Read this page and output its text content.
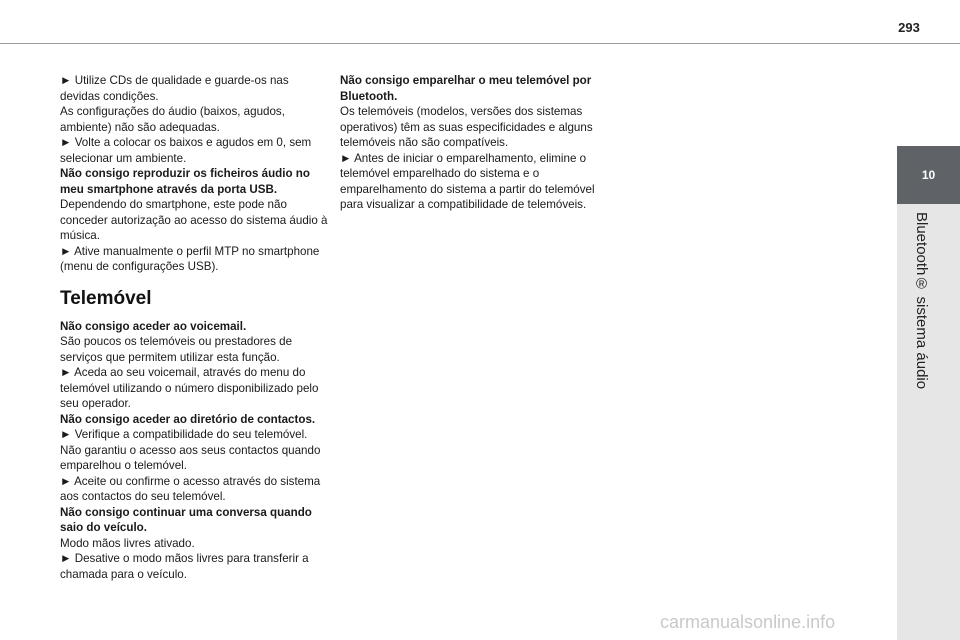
293
10
Bluetooth® sistema áudio

► Utilize CDs de qualidade e guarde-os nas devidas condições.

As configurações do áudio (baixos, agudos, ambiente) não são adequadas.

► Volte a colocar os baixos e agudos em 0, sem selecionar um ambiente.

Não consigo reproduzir os ficheiros áudio no meu smartphone através da porta USB.

Dependendo do smartphone, este pode não conceder autorização ao acesso do sistema áudio à música.

► Ative manualmente o perfil MTP no smartphone (menu de configurações USB).

Telemóvel

Não consigo aceder ao voicemail.

São poucos os telemóveis ou prestadores de serviços que permitem utilizar esta função.

► Aceda ao seu voicemail, através do menu do telemóvel utilizando o número disponibilizado pelo seu operador.

Não consigo aceder ao diretório de contactos.

► Verifique a compatibilidade do seu telemóvel.

Não garantiu o acesso aos seus contactos quando emparelhou o telemóvel.

► Aceite ou confirme o acesso através do sistema aos contactos do seu telemóvel.

Não consigo continuar uma conversa quando saio do veículo.

Modo mãos livres ativado.

► Desative o modo mãos livres para transferir a chamada para o veículo.

Não consigo emparelhar o meu telemóvel por Bluetooth.

Os telemóveis (modelos, versões dos sistemas operativos) têm as suas especificidades e alguns telemóveis não são compatíveis.

► Antes de iniciar o emparelhamento, elimine o telemóvel emparelhado do sistema e o emparelhamento do sistema a partir do telemóvel para visualizar a compatibilidade de telemóveis.

carmanualsonline.info
